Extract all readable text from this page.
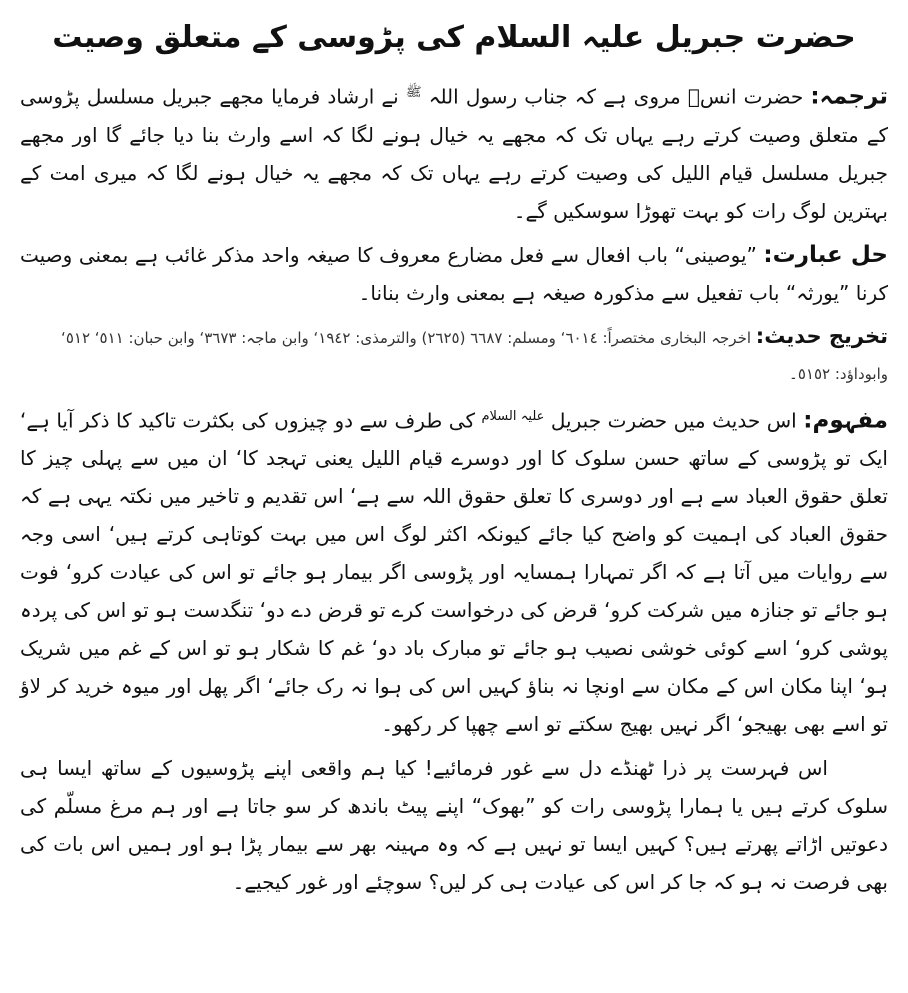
حضرت جبریل علیہ السلام کی پڑوسی کے متعلق وصیت

ترجمہ: حضرت انسؓ مروی ہے کہ جناب رسول اللہ $^ﷺ$ نے ارشاد فرمایا مجھے جبریل مسلسل پڑوسی کے متعلق وصیت کرتے رہے یہاں تک کہ مجھے یہ خیال ہونے لگا کہ اسے وارث بنا دیا جائے گا اور مجھے جبریل مسلسل قیام اللیل کی وصیت کرتے رہے یہاں تک کہ مجھے یہ خیال ہونے لگا کہ میری امت کے بہترین لوگ رات کو بہت تھوڑا سوسکیں گے۔

حل عبارت: ”یوصینی“ باب افعال سے فعل مضارع معروف کا صیغہ واحد مذکر غائب ہے بمعنی وصیت کرنا ”یورثہ“ باب تفعیل سے مذکورہ صیغہ ہے بمعنی وارث بنانا۔

تخریج حدیث: اخرجہ البخاری مختصراً: ٦٠١٤‘ ومسلم: ٦٦٨٧ (٢٦٢٥) والترمذی: ١٩٤٢‘ وابن ماجہ: ٣٦٧٣‘ وابن حبان: ٥١١‘ ٥١٢‘ وابوداؤد: ٥١٥٢۔

مفہوم: اس حدیث میں حضرت جبریل $^{علیہ السلام}$ کی طرف سے دو چیزوں کی بکثرت تاکید کا ذکر آیا ہے‘ ایک تو پڑوسی کے ساتھ حسن سلوک کا اور دوسرے قیام اللیل یعنی تہجد کا‘ ان میں سے پہلی چیز کا تعلق حقوق العباد سے ہے اور دوسری کا تعلق حقوق اللہ سے ہے‘ اس تقدیم و تاخیر میں نکتہ یہی ہے کہ حقوق العباد کی اہمیت کو واضح کیا جائے کیونکہ اکثر لوگ اس میں بہت کوتاہی کرتے ہیں‘ اسی وجہ سے روایات میں آتا ہے کہ اگر تمہارا ہمسایہ اور پڑوسی اگر بیمار ہو جائے تو اس کی عیادت کرو‘ فوت ہو جائے تو جنازہ میں شرکت کرو‘ قرض کی درخواست کرے تو قرض دے دو‘ تنگدست ہو تو اس کی پردہ پوشی کرو‘ اسے کوئی خوشی نصیب ہو جائے تو مبارک باد دو‘ غم کا شکار ہو تو اس کے غم میں شریک ہو‘ اپنا مکان اس کے مکان سے اونچا نہ بناؤ کہیں اس کی ہوا نہ رک جائے‘ اگر پھل اور میوہ خرید کر لاؤ تو اسے بھی بھیجو‘ اگر نہیں بھیج سکتے تو اسے چھپا کر رکھو۔

اس فہرست پر ذرا ٹھنڈے دل سے غور فرمائیے! کیا ہم واقعی اپنے پڑوسیوں کے ساتھ ایسا ہی سلوک کرتے ہیں یا ہمارا پڑوسی رات کو ”بھوک“ اپنے پیٹ باندھ کر سو جاتا ہے اور ہم مرغ مسلّم کی دعوتیں اڑاتے پھرتے ہیں؟ کہیں ایسا تو نہیں ہے کہ وہ مہینہ بھر سے بیمار پڑا ہو اور ہمیں اس بات کی بھی فرصت نہ ہو کہ جا کر اس کی عیادت ہی کر لیں؟ سوچئے اور غور کیجیے۔
